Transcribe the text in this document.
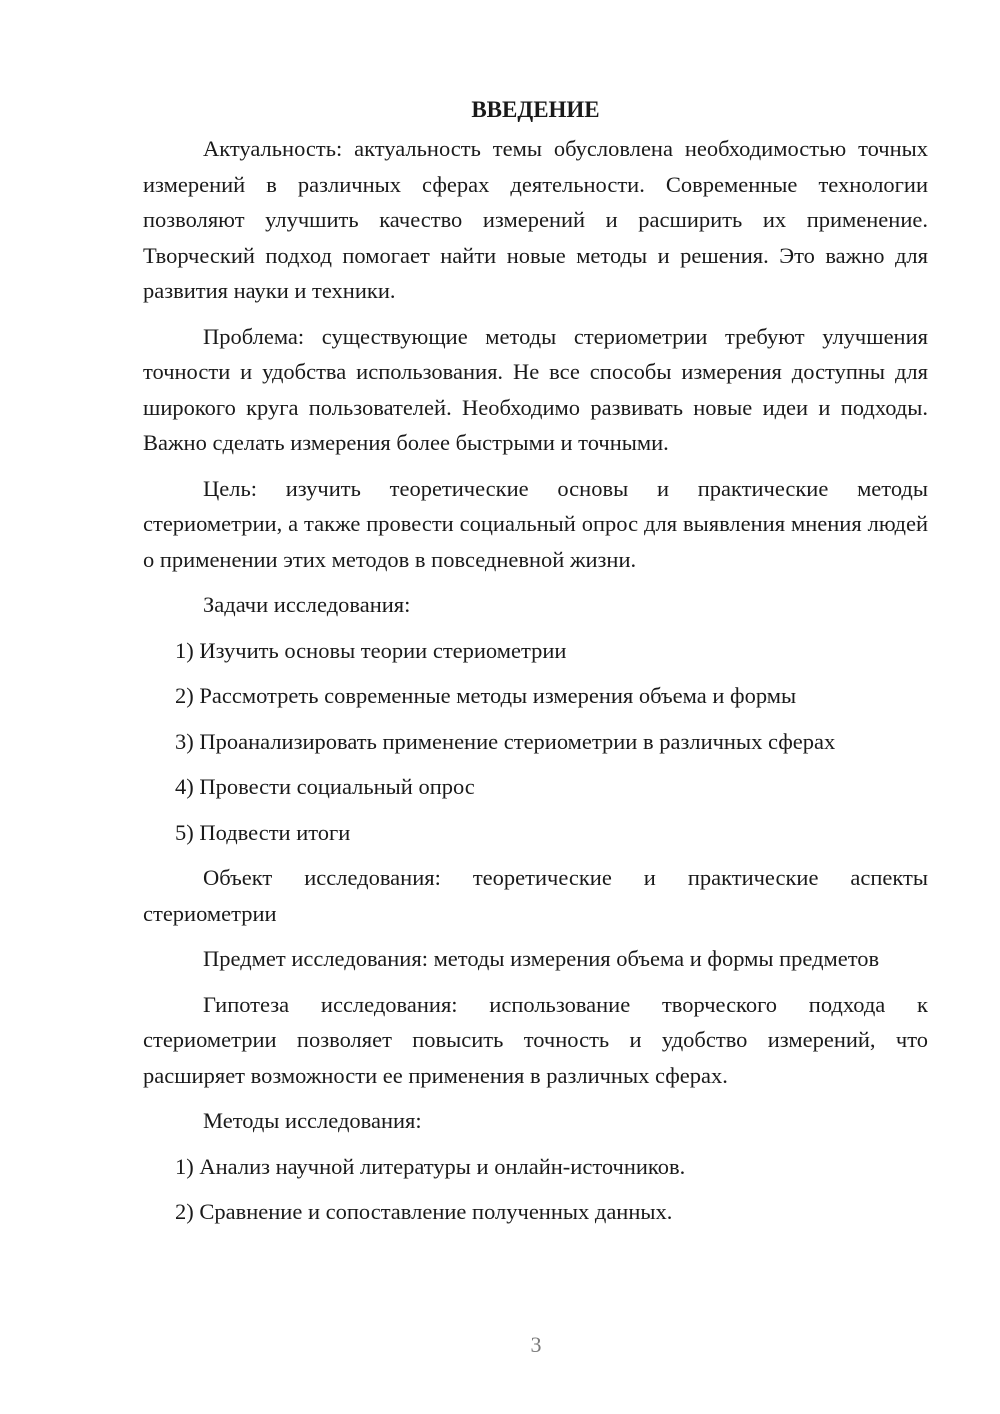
ВВЕДЕНИЕ

Актуальность: актуальность темы обусловлена необходимостью точных измерений в различных сферах деятельности. Современные технологии позволяют улучшить качество измерений и расширить их применение. Творческий подход помогает найти новые методы и решения. Это важно для развития науки и техники.

Проблема: существующие методы стериометрии требуют улучшения точности и удобства использования. Не все способы измерения доступны для широкого круга пользователей. Необходимо развивать новые идеи и подходы. Важно сделать измерения более быстрыми и точными.

Цель: изучить теоретические основы и практические методы стериометрии, а также провести социальный опрос для выявления мнения людей о применении этих методов в повседневной жизни.

Задачи исследования:

1) Изучить основы теории стериометрии

2) Рассмотреть современные методы измерения объема и формы

3) Проанализировать применение стериометрии в различных сферах

4) Провести социальный опрос

5) Подвести итоги

Объект исследования: теоретические и практические аспекты стериометрии

Предмет исследования: методы измерения объема и формы предметов

Гипотеза исследования: использование творческого подхода к стериометрии позволяет повысить точность и удобство измерений, что расширяет возможности ее применения в различных сферах.

Методы исследования:

1) Анализ научной литературы и онлайн-источников.

2) Сравнение и сопоставление полученных данных.

3
